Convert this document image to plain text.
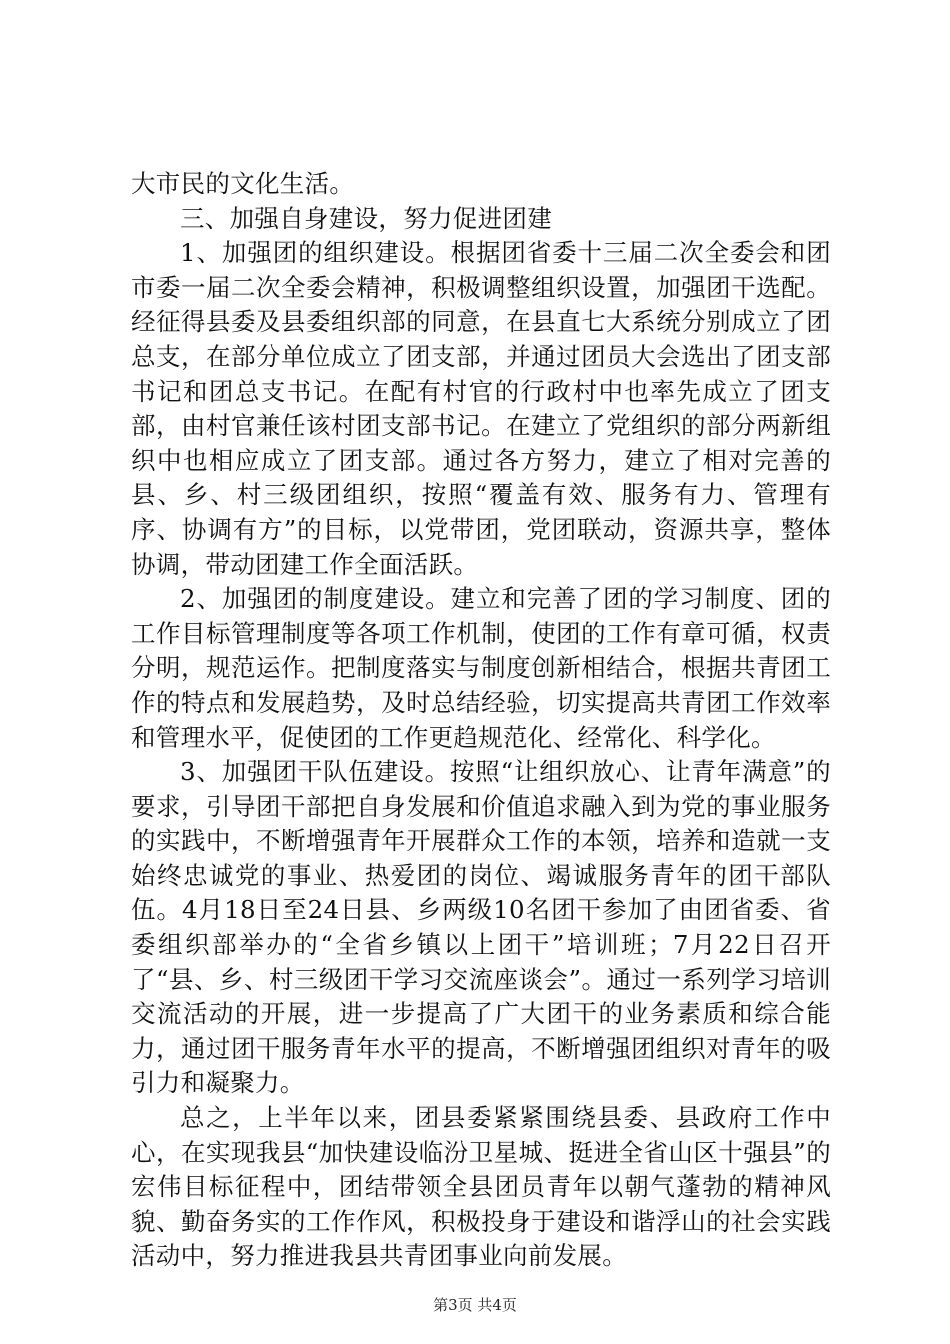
大市民的文化生活。

三、加强自身建设，努力促进团建

1、加强团的组织建设。根据团省委十三届二次全委会和团市委一届二次全委会精神，积极调整组织设置，加强团干选配。经征得县委及县委组织部的同意，在县直七大系统分别成立了团总支，在部分单位成立了团支部，并通过团员大会选出了团支部书记和团总支书记。在配有村官的行政村中也率先成立了团支部，由村官兼任该村团支部书记。在建立了党组织的部分两新组织中也相应成立了团支部。通过各方努力，建立了相对完善的县、乡、村三级团组织，按照“覆盖有效、服务有力、管理有序、协调有方”的目标，以党带团，党团联动，资源共享，整体协调，带动团建工作全面活跃。

2、加强团的制度建设。建立和完善了团的学习制度、团的工作目标管理制度等各项工作机制，使团的工作有章可循，权责分明，规范运作。把制度落实与制度创新相结合，根据共青团工作的特点和发展趋势，及时总结经验，切实提高共青团工作效率和管理水平，促使团的工作更趋规范化、经常化、科学化。

3、加强团干队伍建设。按照“让组织放心、让青年满意”的要求，引导团干部把自身发展和价值追求融入到为党的事业服务的实践中，不断增强青年开展群众工作的本领，培养和造就一支始终忠诚党的事业、热爱团的岗位、竭诚服务青年的团干部队伍。4月18日至24日县、乡两级10名团干参加了由团省委、省委组织部举办的“全省乡镇以上团干”培训班；7月22日召开了“县、乡、村三级团干学习交流座谈会”。通过一系列学习培训交流活动的开展，进一步提高了广大团干的业务素质和综合能力，通过团干服务青年水平的提高，不断增强团组织对青年的吸引力和凝聚力。

总之，上半年以来，团县委紧紧围绕县委、县政府工作中心，在实现我县“加快建设临汾卫星城、挺进全省山区十强县”的宏伟目标征程中，团结带领全县团员青年以朝气蓬勃的精神风貌、勤奋务实的工作作风，积极投身于建设和谐浮山的社会实践活动中，努力推进我县共青团事业向前发展。

第3页 共4页
